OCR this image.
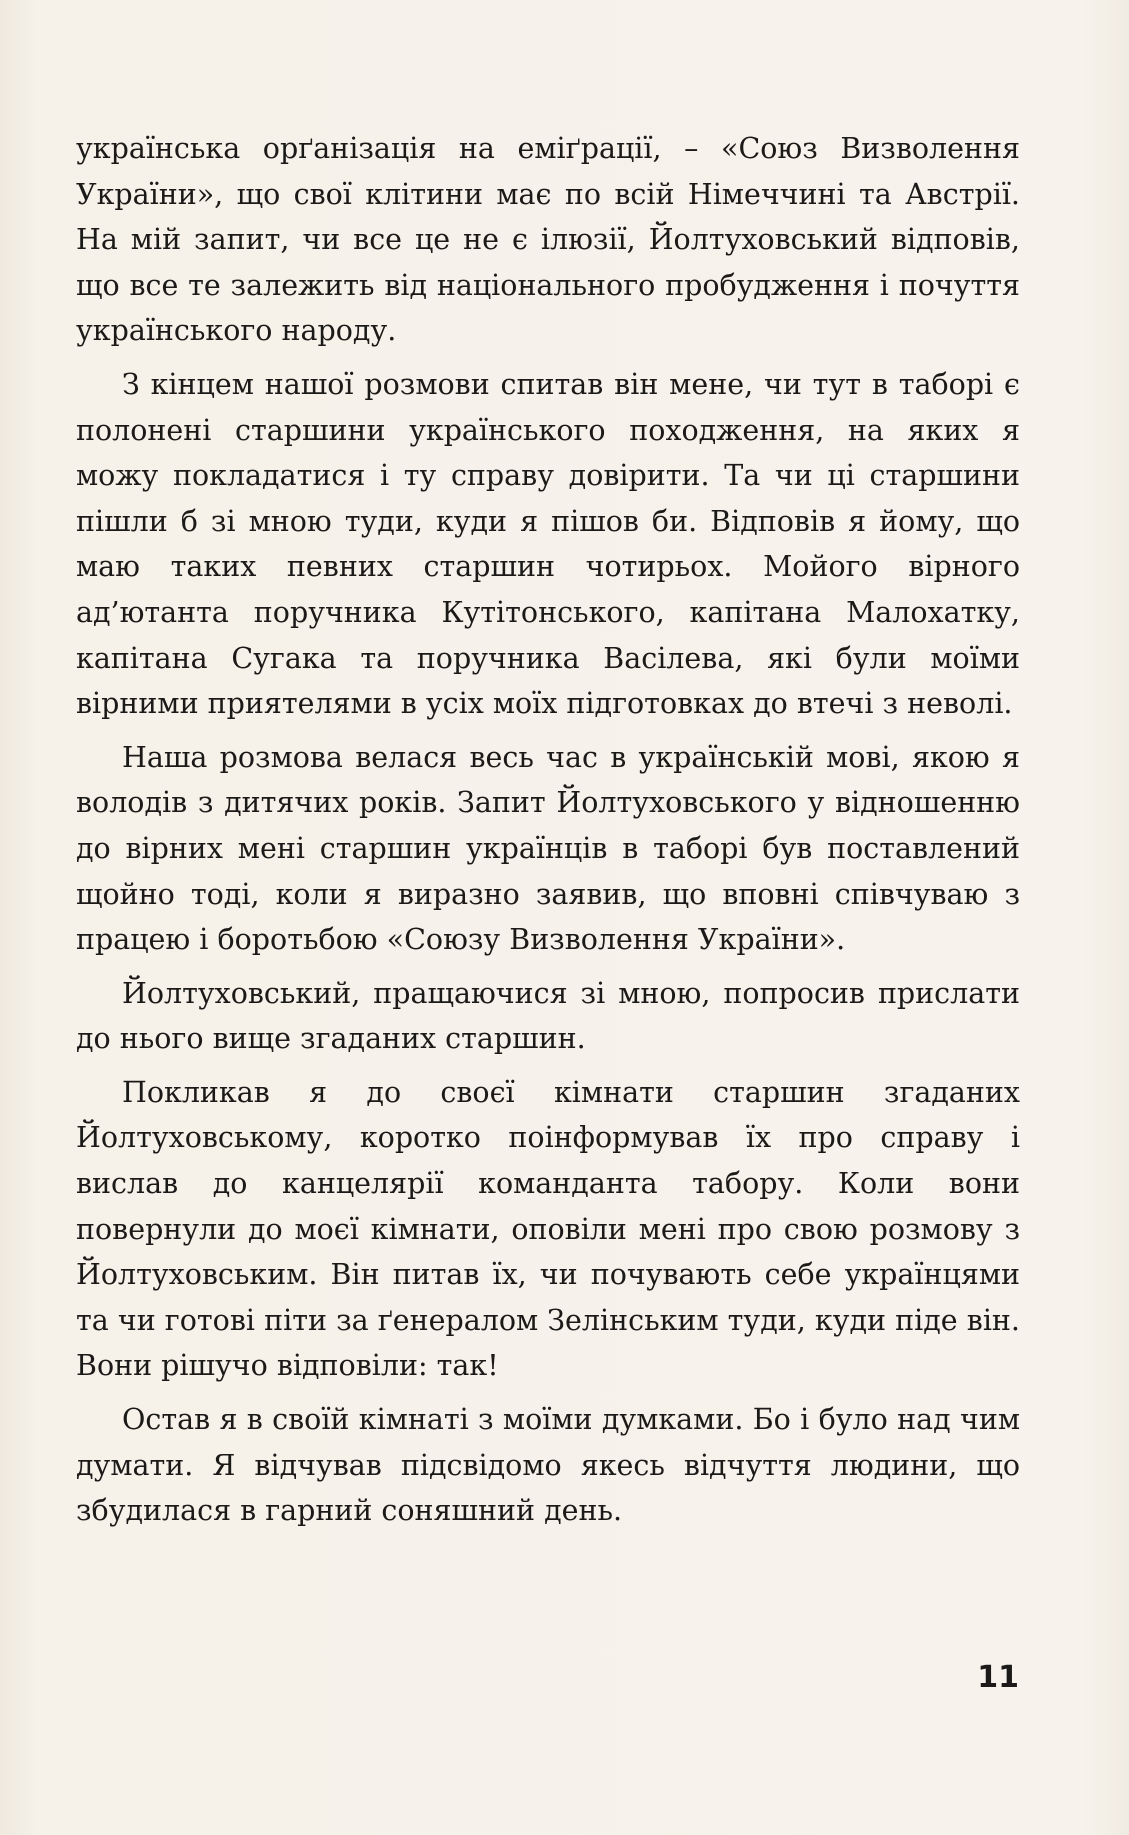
українська орґанізація на еміґрації, – «Союз Визволення України», що свої клітини має по всій Німеччині та Австрії. На мій запит, чи все це не є ілюзії, Йолтуховський відповів, що все те залежить від національного пробудження і почуття українського народу.

З кінцем нашої розмови спитав він мене, чи тут в таборі є полонені старшини українського походження, на яких я можу покладатися і ту справу довірити. Та чи ці старшини пішли б зі мною туди, куди я пішов би. Відповів я йому, що маю таких певних старшин чотирьох. Мойого вірного ад’ютанта поручника Кутітонського, капітана Малохатку, капітана Сугака та поручника Васілева, які були моїми вірними приятелями в усіх моїх підготовках до втечі з неволі.

Наша розмова велася весь час в українській мові, якою я володів з дитячих років. Запит Йолтуховського у відношенню до вірних мені старшин українців в таборі був поставлений щойно тоді, коли я виразно заявив, що вповні співчуваю з працею і боротьбою «Союзу Визволення України».

Йолтуховський, пращаючися зі мною, попросив прислати до нього вище згаданих старшин.

Покликав я до своєї кімнати старшин згаданих Йолтуховському, коротко поінформував їх про справу і вислав до канцелярії команданта табору. Коли вони повернули до моєї кімнати, оповіли мені про свою розмову з Йолтуховським. Він питав їх, чи почувають себе українцями та чи готові піти за ґенералом Зелінським туди, куди піде він. Вони рішучо відповіли: так!

Остав я в своїй кімнаті з моїми думками. Бо і було над чим думати. Я відчував підсвідомо якесь відчуття людини, що збудилася в гарний соняшний день.

11
